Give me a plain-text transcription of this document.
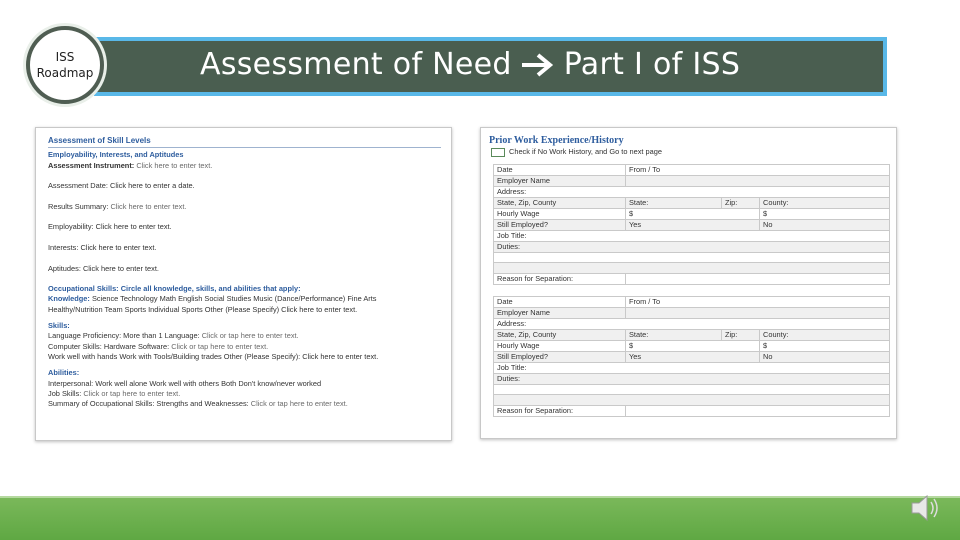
ISS
Roadmap	Assessment of Need Part I of ISS
Assessment of Skill Levels
Employability, Interests, and Aptitudes
Assessment Instrument: Click here to enter text.
Assessment Date: Click here to enter a date.
Results Summary: Click here to enter text.
Employability: Click here to enter text.
Interests: Click here to enter text.
Aptitudes: Click here to enter text.
Occupational Skills: Circle all knowledge, skills, and abilities that apply:
Knowledge: Science Technology Math English Social Studies Music (Dance/Performance) Fine Arts
Healthy/Nutrition Team Sports Individual Sports Other (Please Specify) Click here to enter text.
Skills:
Language Proficiency: More than 1 Language: Click or tap here to enter text.
Computer Skills: Hardware Software: Click or tap here to enter text.
Work well with hands Work with Tools/Building trades Other (Please Specify): Click here to enter text.
Abilities:
Interpersonal: Work well alone Work well with others Both Don't know/never worked
Job Skills: Click or tap here to enter text.
Summary of Occupational Skills: Strengths and Weaknesses: Click or tap here to enter text.
Prior Work Experience/History
Check if No Work History, and Go to next page
Date	From / To		
Employer Name			
Address:			
State, Zip, County	State:	Zip:	County:
Hourly Wage	$		$
Still Employed?	Yes		No
Job Title:			
Duties:			

Reason for Separation:			
Date	From / To		
Employer Name			
Address:			
State, Zip, County	State:	Zip:	County:
Hourly Wage	$		$
Still Employed?	Yes		No
Job Title:			
Duties:			

Reason for Separation:			
